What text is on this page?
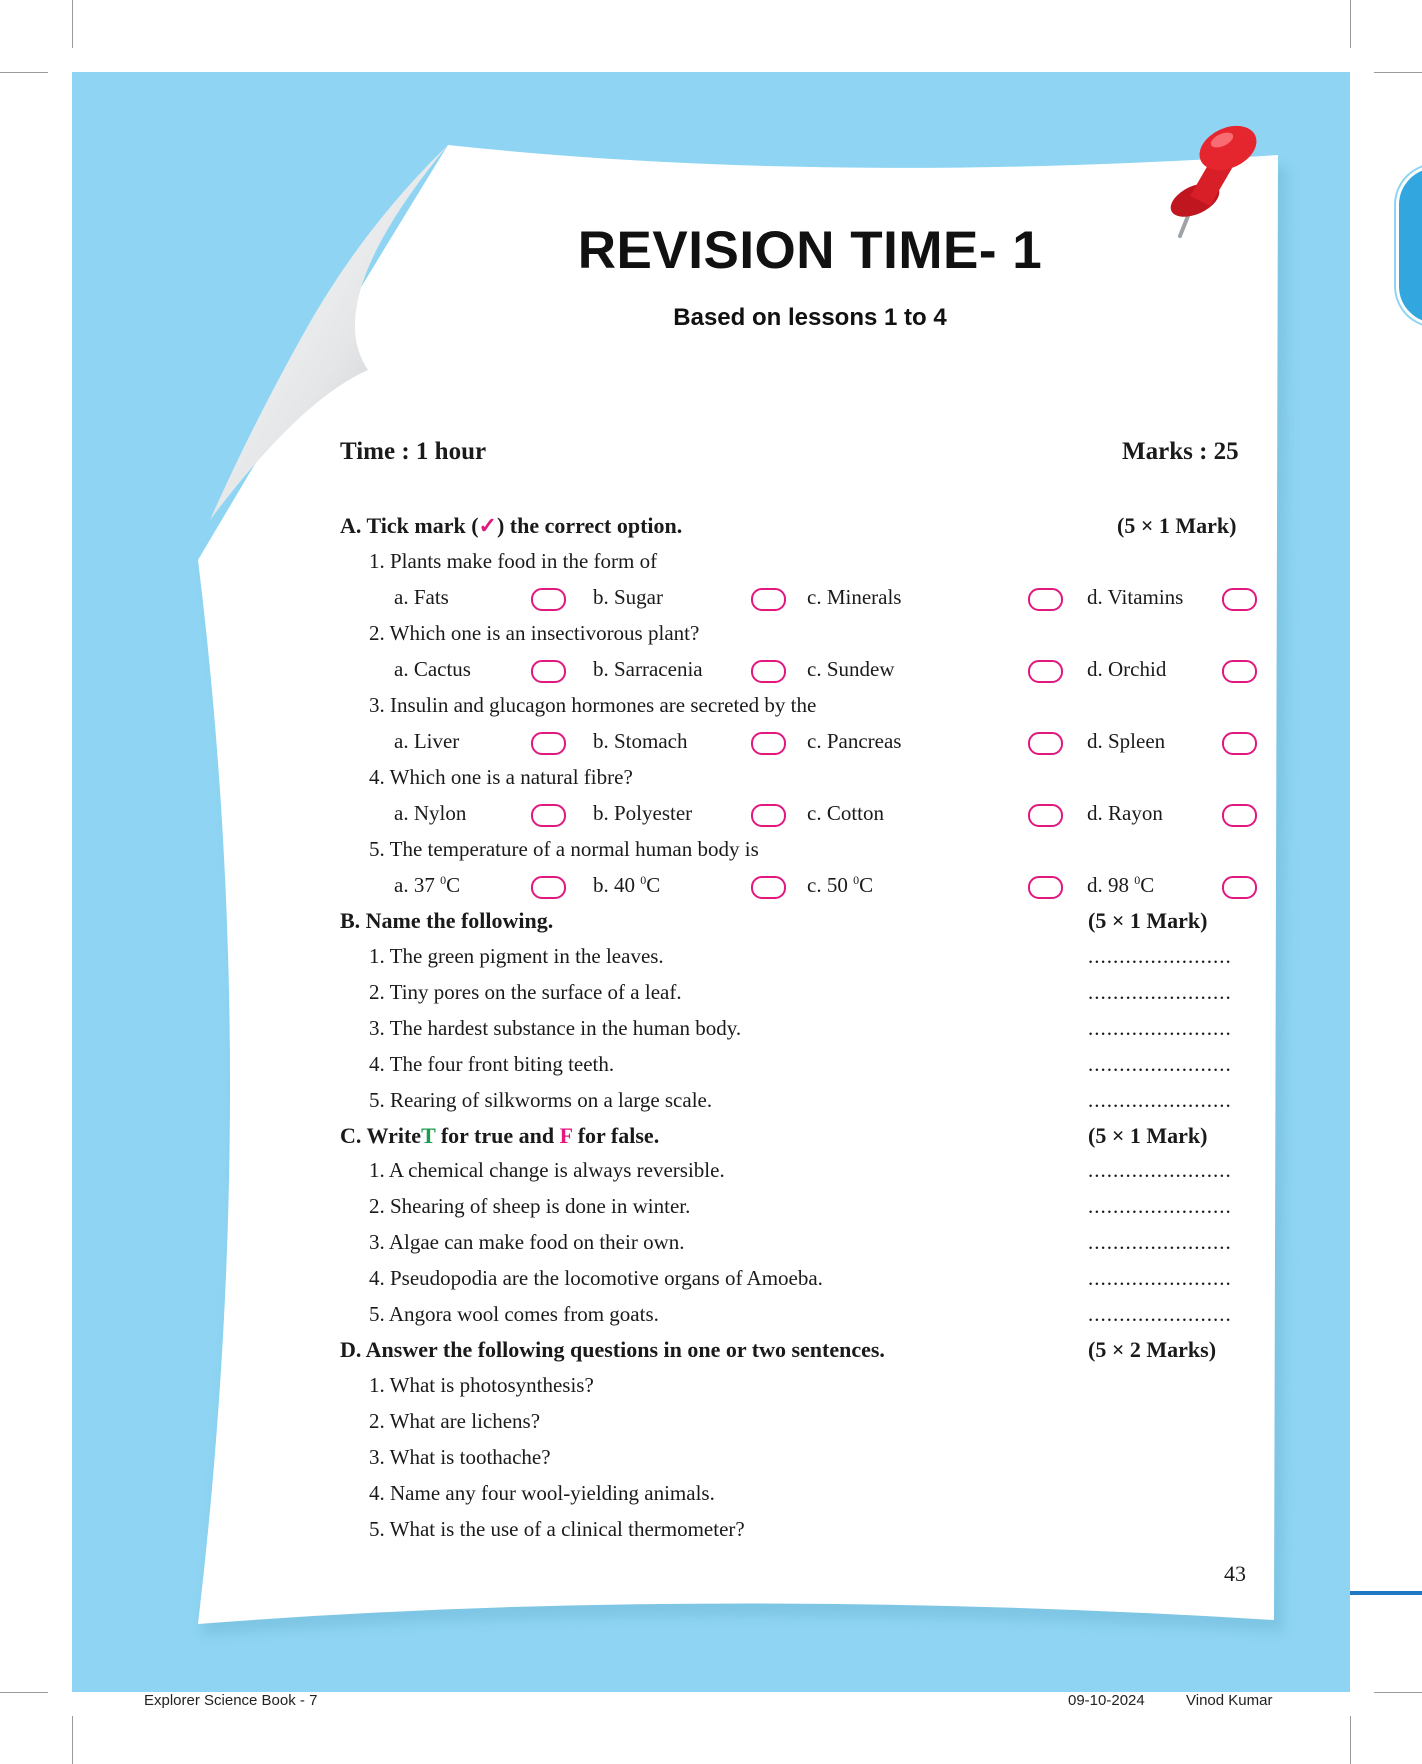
REVISION TIME- 1
Based on lessons 1 to 4
Time : 1 hour	Marks : 25
A. Tick mark (✓) the correct option.	(5 × 1 Mark)
1. Plants make food in the form of
a. Fats	b. Sugar	c. Minerals	d. Vitamins
2. Which one is an insectivorous plant?
a. Cactus	b. Sarracenia	c. Sundew	d. Orchid
3. Insulin and glucagon hormones are secreted by the
a. Liver	b. Stomach	c. Pancreas	d. Spleen
4. Which one is a natural fibre?
a. Nylon	b. Polyester	c. Cotton	d. Rayon
5. The temperature of a normal human body is
a. 37 $^0$C	b. 40 $^0$C	c. 50 $^0$C	d. 98 $^0$C
B. Name the following.	(5 × 1 Mark)
1. The green pigment in the leaves.	.......................
2. Tiny pores on the surface of a leaf.	.......................
3. The hardest substance in the human body.	.......................
4. The four front biting teeth.	.......................
5. Rearing of silkworms on a large scale.	.......................
C. WriteT for true and F for false.	(5 × 1 Mark)
1. A chemical change is always reversible.	.......................
2. Shearing of sheep is done in winter.	.......................
3. Algae can make food on their own.	.......................
4. Pseudopodia are the locomotive organs of Amoeba.	.......................
5. Angora wool comes from goats.	.......................
D. Answer the following questions in one or two sentences.	(5 × 2 Marks)
1. What is photosynthesis?
2. What are lichens?
3. What is toothache?
4. Name any four wool-yielding animals.
5. What is the use of a clinical thermometer?
43
Explorer Science Book - 7	09-10-2024	Vinod Kumar
